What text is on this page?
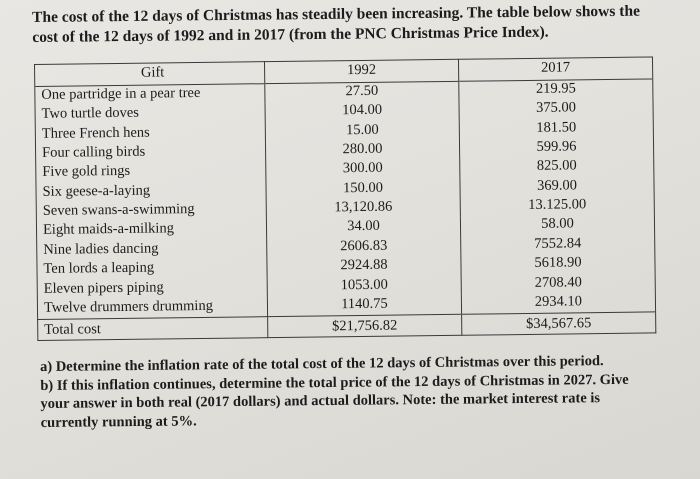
The cost of the 12 days of Christmas has steadily been increasing. The table below shows the

cost of the 12 days of 1992 and in 2017 (from the PNC Christmas Price Index).

Gift	1992	2017
One partridge in a pear tree	27.50	219.95
Two turtle doves	104.00	375.00
Three French hens	15.00	181.50
Four calling birds	280.00	599.96
Five gold rings	300.00	825.00
Six geese-a-laying	150.00	369.00
Seven swans-a-swimming	13,120.86	13.125.00
Eight maids-a-milking	34.00	58.00
Nine ladies dancing	2606.83	7552.84
Ten lords a leaping	2924.88	5618.90
Eleven pipers piping	1053.00	2708.40
Twelve drummers drumming	1140.75	2934.10
Total cost	$21,756.82	$34,567.65

a) Determine the inflation rate of the total cost of the 12 days of Christmas over this period.

b) If this inflation continues, determine the total price of the 12 days of Christmas in 2027. Give

your answer in both real (2017 dollars) and actual dollars. Note: the market interest rate is

currently running at 5%.
